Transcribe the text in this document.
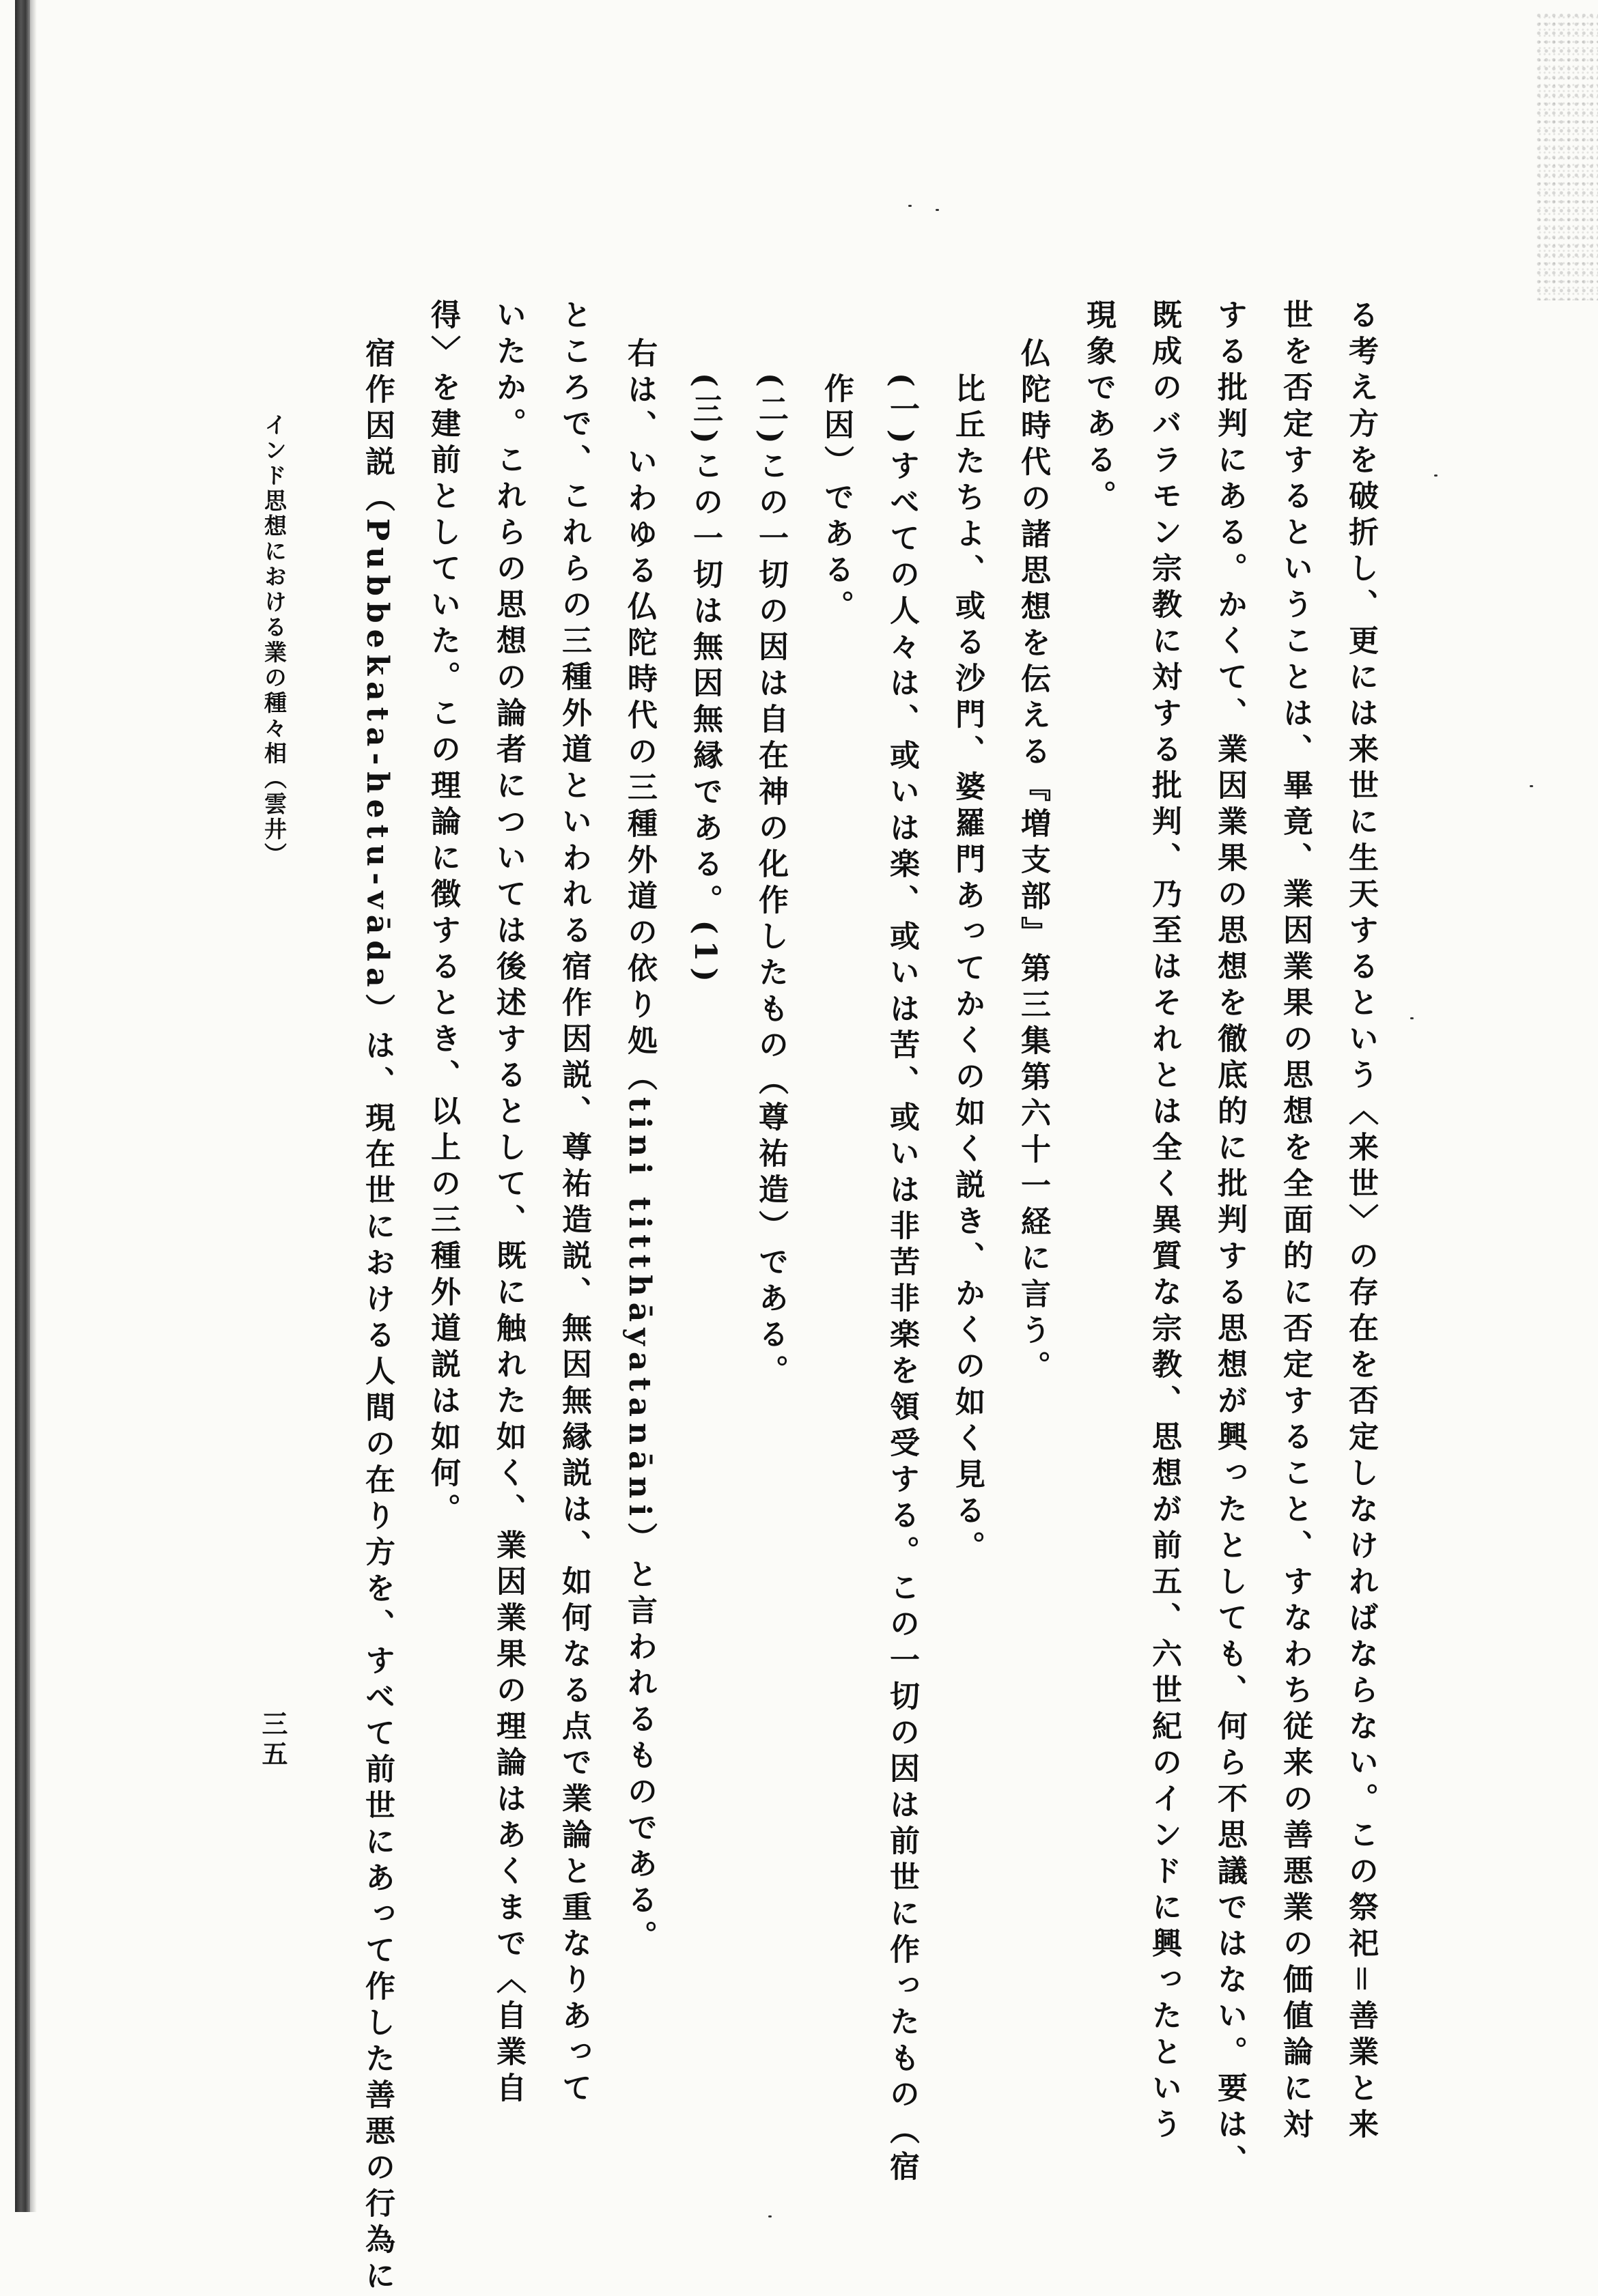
る考え方を破折し、更には来世に生天するという〈来世〉の存在を否定しなければならない。この祭祀＝善業と来
世を否定するということは、畢竟、業因業果の思想を全面的に否定すること、すなわち従来の善悪業の価値論に対
する批判にある。かくて、業因業果の思想を徹底的に批判する思想が興ったとしても、何ら不思議ではない。要は、
既成のバラモン宗教に対する批判、乃至はそれとは全く異質な宗教、思想が前五、六世紀のインドに興ったという
現象である。
仏陀時代の諸思想を伝える『増支部』第三集第六十一経に言う。
比丘たちよ、或る沙門、婆羅門あってかくの如く説き、かくの如く見る。
(一)すべての人々は、或いは楽、或いは苦、或いは非苦非楽を領受する。この一切の因は前世に作ったもの（宿
作因）である。
(二)この一切の因は自在神の化作したもの（尊祐造）である。
(三)この一切は無因無縁である。(1)
右は、いわゆる仏陀時代の三種外道の依り処（tini titthāyatanāni）と言われるものである。
ところで、これらの三種外道といわれる宿作因説、尊祐造説、無因無縁説は、如何なる点で業論と重なりあって
いたか。これらの思想の論者については後述するとして、既に触れた如く、業因業果の理論はあくまで〈自業自
得〉を建前としていた。この理論に徴するとき、以上の三種外道説は如何。
宿作因説（Pubbekata-hetu-vāda）は、現在世における人間の在り方を、すべて前世にあって作した善悪の行為に
インド思想における業の種々相（雲井）
三五
